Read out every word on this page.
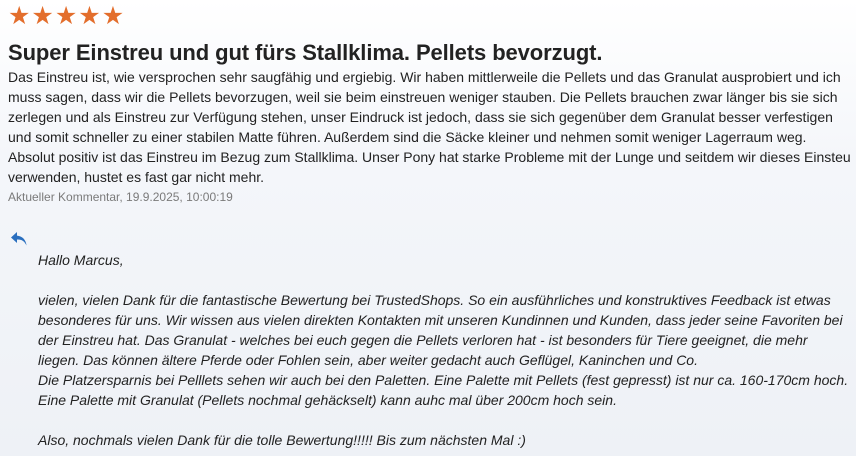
★ ★ ★ ★ ★
Super Einstreu und gut fürs Stallklima. Pellets bevorzugt.

Das Einstreu ist, wie versprochen sehr saugfähig und ergiebig. Wir haben mittlerweile die Pellets und das Granulat ausprobiert und ich muss sagen, dass wir die Pellets bevorzugen, weil sie beim einstreuen weniger stauben. Die Pellets brauchen zwar länger bis sie sich zerlegen und als Einstreu zur Verfügung stehen, unser Eindruck ist jedoch, dass sie sich gegenüber dem Granulat besser verfestigen und somit schneller zu einer stabilen Matte führen. Außerdem sind die Säcke kleiner und nehmen somit weniger Lagerraum weg. Absolut positiv ist das Einstreu im Bezug zum Stallklima. Unser Pony hat starke Probleme mit der Lunge und seitdem wir dieses Einsteu verwenden, hustet es fast gar nicht mehr.

Aktueller Kommentar, 19.9.2025, 10:00:19

Hallo Marcus,

vielen, vielen Dank für die fantastische Bewertung bei TrustedShops. So ein ausführliches und konstruktives Feedback ist etwas besonderes für uns. Wir wissen aus vielen direkten Kontakten mit unseren Kundinnen und Kunden, dass jeder seine Favoriten bei der Einstreu hat. Das Granulat - welches bei euch gegen die Pellets verloren hat - ist besonders für Tiere geeignet, die mehr liegen. Das können ältere Pferde oder Fohlen sein, aber weiter gedacht auch Geflügel, Kaninchen und Co.

Die Platzersparnis bei Pelllets sehen wir auch bei den Paletten. Eine Palette mit Pellets (fest gepresst) ist nur ca. 160-170cm hoch. Eine Palette mit Granulat (Pellets nochmal gehäckselt) kann auhc mal über 200cm hoch sein.

Also, nochmals vielen Dank für die tolle Bewertung!!!!! Bis zum nächsten Mal :)
